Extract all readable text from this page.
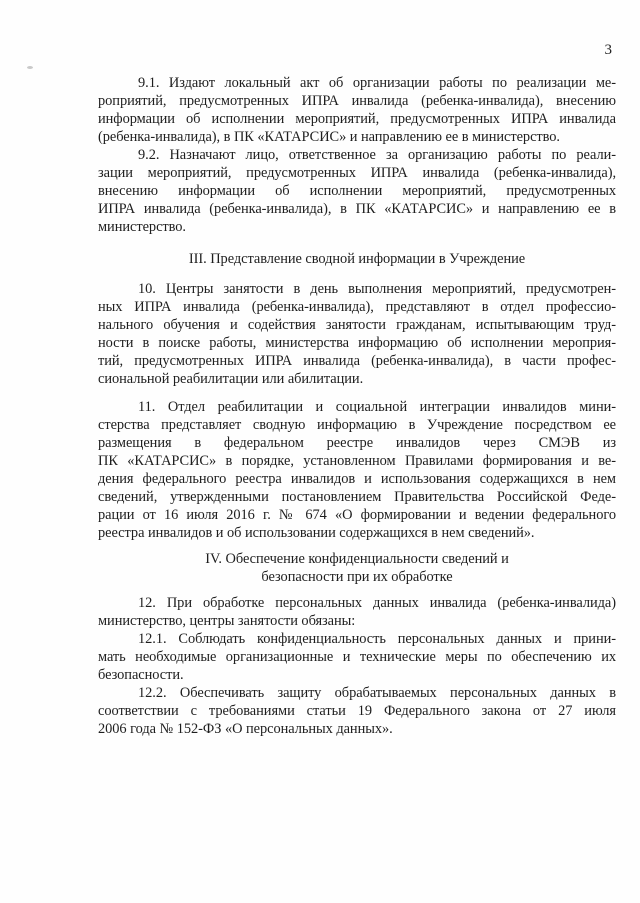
3
9.1. Издают локальный акт об организации работы по реализации ме-
роприятий, предусмотренных ИПРА инвалида (ребенка-инвалида), внесению
информации об исполнении мероприятий, предусмотренных ИПРА инвалида
(ребенка-инвалида), в ПК «КАТАРСИС» и направлению ее в министерство.
9.2. Назначают лицо, ответственное за организацию работы по реали-
зации мероприятий, предусмотренных ИПРА инвалида (ребенка-инвалида),
внесению информации об исполнении мероприятий, предусмотренных
ИПРА инвалида (ребенка-инвалида), в ПК «КАТАРСИС» и направлению ее в
министерство.
III. Представление сводной информации в Учреждение
10. Центры занятости в день выполнения мероприятий, предусмотрен-
ных ИПРА инвалида (ребенка-инвалида), представляют в отдел профессио-
нального обучения и содействия занятости гражданам, испытывающим труд-
ности в поиске работы, министерства информацию об исполнении мероприя-
тий, предусмотренных ИПРА инвалида (ребенка-инвалида), в части профес-
сиональной реабилитации или абилитации.
11. Отдел реабилитации и социальной интеграции инвалидов мини-
стерства представляет сводную информацию в Учреждение посредством ее
размещения в федеральном реестре инвалидов через СМЭВ из
ПК «КАТАРСИС» в порядке, установленном Правилами формирования и ве-
дения федерального реестра инвалидов и использования содержащихся в нем
сведений, утвержденными постановлением Правительства Российской Феде-
рации от 16 июля 2016 г. № 674 «О формировании и ведении федерального
реестра инвалидов и об использовании содержащихся в нем сведений».
IV. Обеспечение конфиденциальности сведений и
безопасности при их обработке
12. При обработке персональных данных инвалида (ребенка-инвалида)
министерство, центры занятости обязаны:
12.1. Соблюдать конфиденциальность персональных данных и прини-
мать необходимые организационные и технические меры по обеспечению их
безопасности.
12.2. Обеспечивать защиту обрабатываемых персональных данных в
соответствии с требованиями статьи 19 Федерального закона от 27 июля
2006 года № 152-ФЗ «О персональных данных».
